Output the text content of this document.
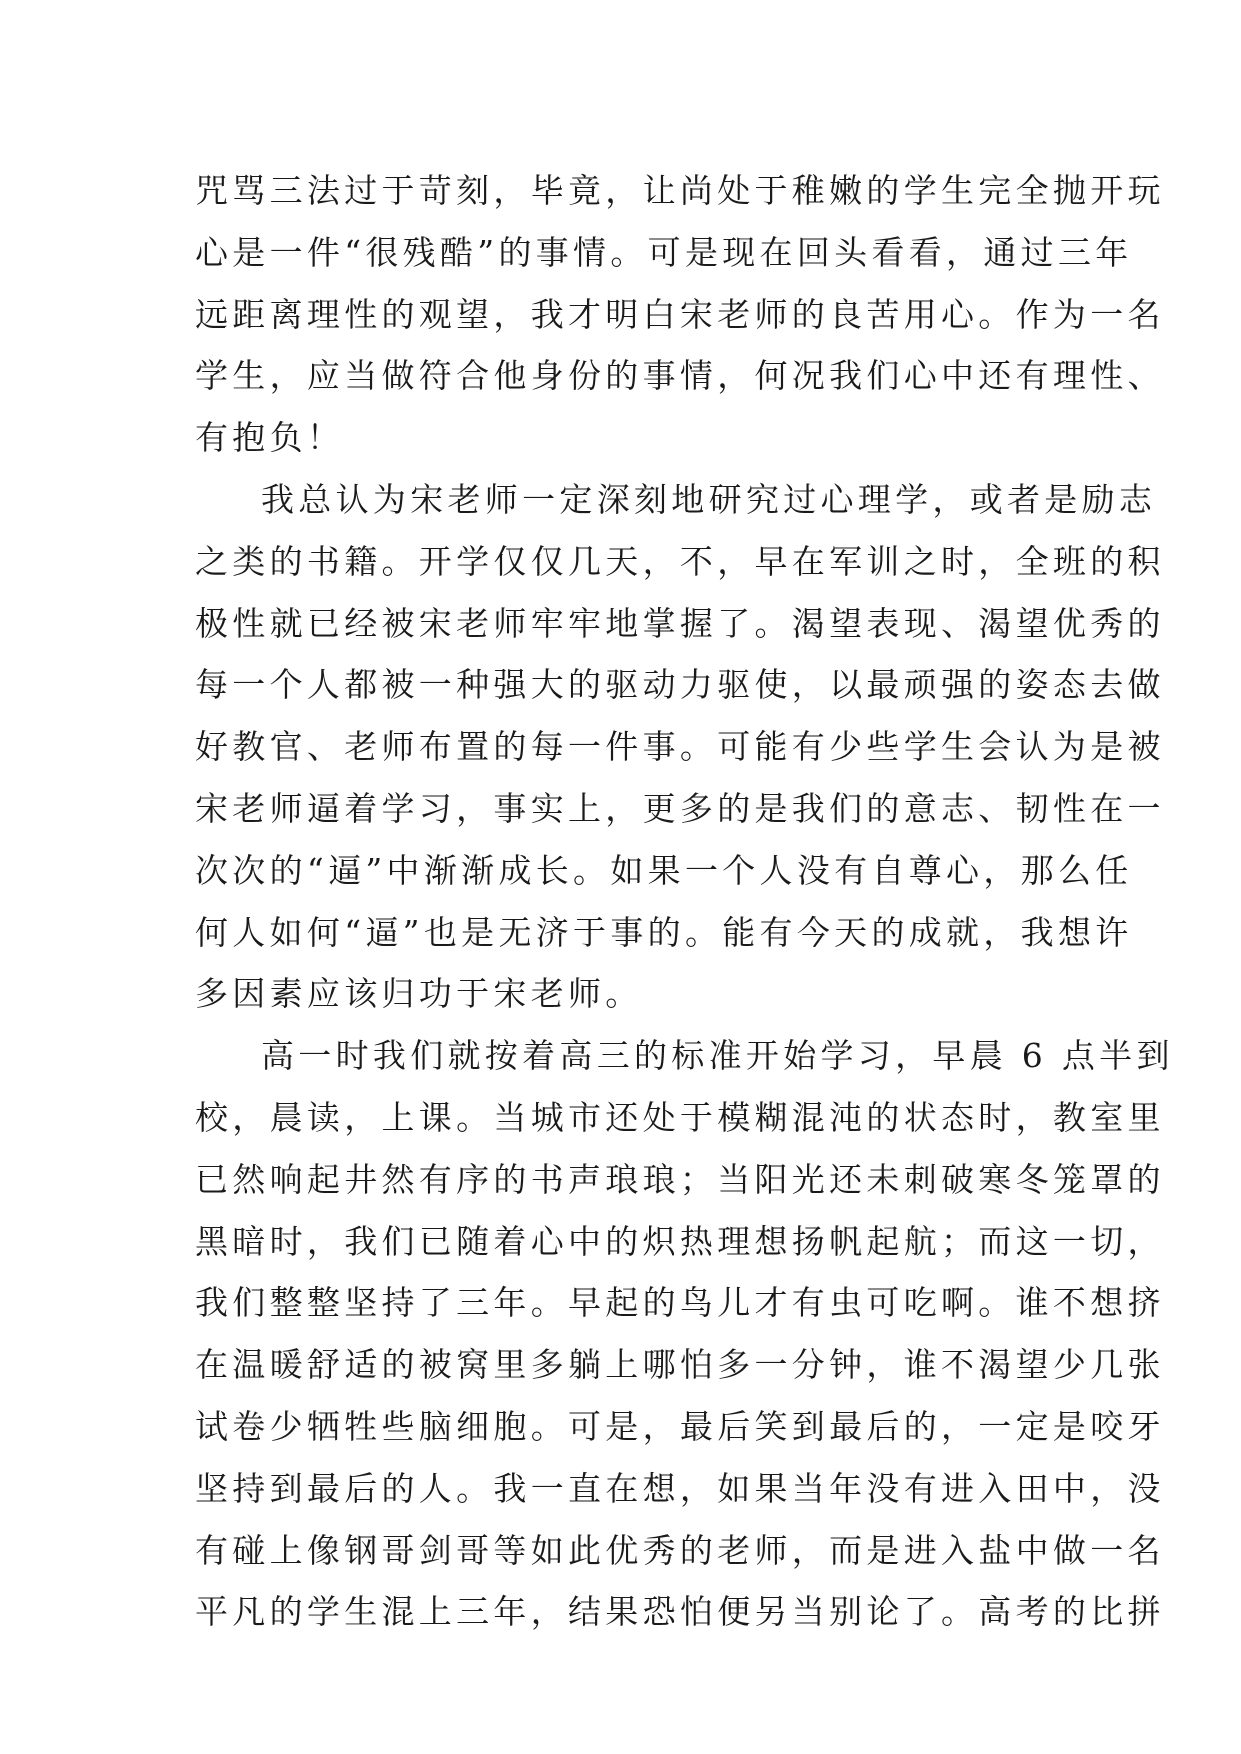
咒骂三法过于苛刻，毕竟，让尚处于稚嫩的学生完全抛开玩
心是一件“很残酷”的事情。可是现在回头看看，通过三年
远距离理性的观望，我才明白宋老师的良苦用心。作为一名
学生，应当做符合他身份的事情，何况我们心中还有理性、
有抱负！
我总认为宋老师一定深刻地研究过心理学，或者是励志
之类的书籍。开学仅仅几天，不，早在军训之时，全班的积
极性就已经被宋老师牢牢地掌握了。渴望表现、渴望优秀的
每一个人都被一种强大的驱动力驱使，以最顽强的姿态去做
好教官、老师布置的每一件事。可能有少些学生会认为是被
宋老师逼着学习，事实上，更多的是我们的意志、韧性在一
次次的“逼”中渐渐成长。如果一个人没有自尊心，那么任
何人如何“逼”也是无济于事的。能有今天的成就，我想许
多因素应该归功于宋老师。
高一时我们就按着高三的标准开始学习，早晨 6 点半到
校，晨读，上课。当城市还处于模糊混沌的状态时，教室里
已然响起井然有序的书声琅琅；当阳光还未刺破寒冬笼罩的
黑暗时，我们已随着心中的炽热理想扬帆起航；而这一切，
我们整整坚持了三年。早起的鸟儿才有虫可吃啊。谁不想挤
在温暖舒适的被窝里多躺上哪怕多一分钟，谁不渴望少几张
试卷少牺牲些脑细胞。可是，最后笑到最后的，一定是咬牙
坚持到最后的人。我一直在想，如果当年没有进入田中，没
有碰上像钢哥剑哥等如此优秀的老师，而是进入盐中做一名
平凡的学生混上三年，结果恐怕便另当别论了。高考的比拼
